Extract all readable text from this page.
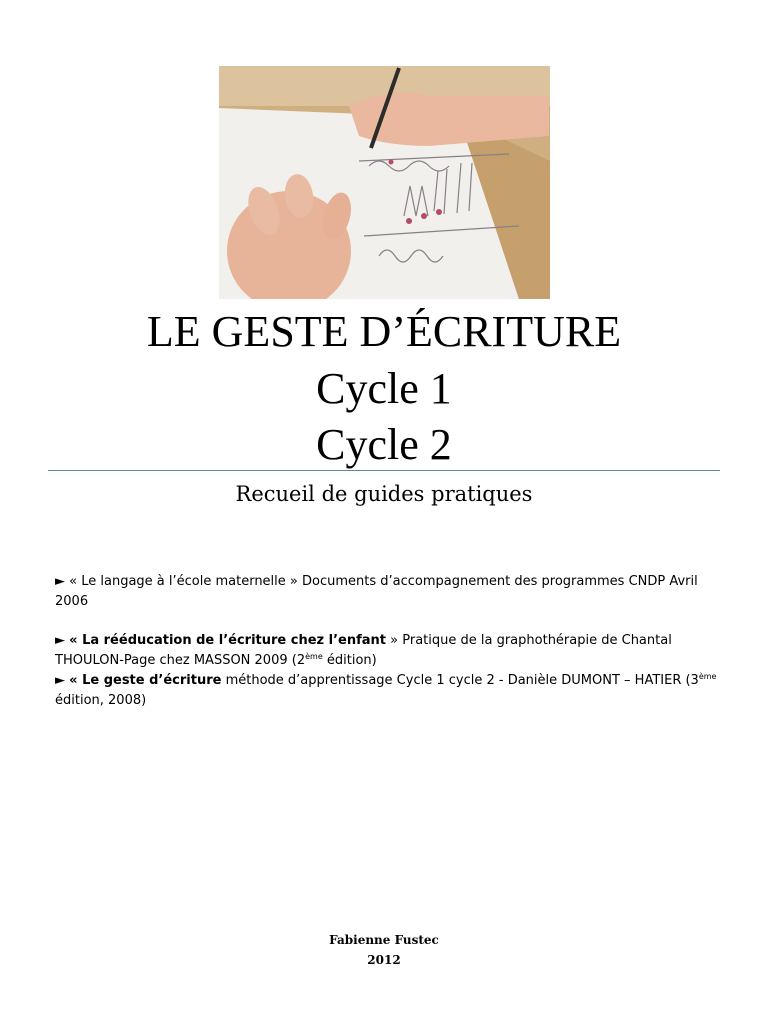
LE GESTE D’ÉCRITURE
Cycle 1
Cycle 2
Recueil de guides pratiques

► « Le langage à l’école maternelle » Documents d’accompagnement des programmes CNDP Avril 2006

► « La rééducation de l’écriture chez l’enfant » Pratique de la graphothérapie de Chantal THOULON-Page chez MASSON 2009 (2ème édition)

► « Le geste d’écriture méthode d’apprentissage Cycle 1 cycle 2 - Danièle DUMONT – HATIER (3ème édition, 2008)

Fabienne Fustec
2012
